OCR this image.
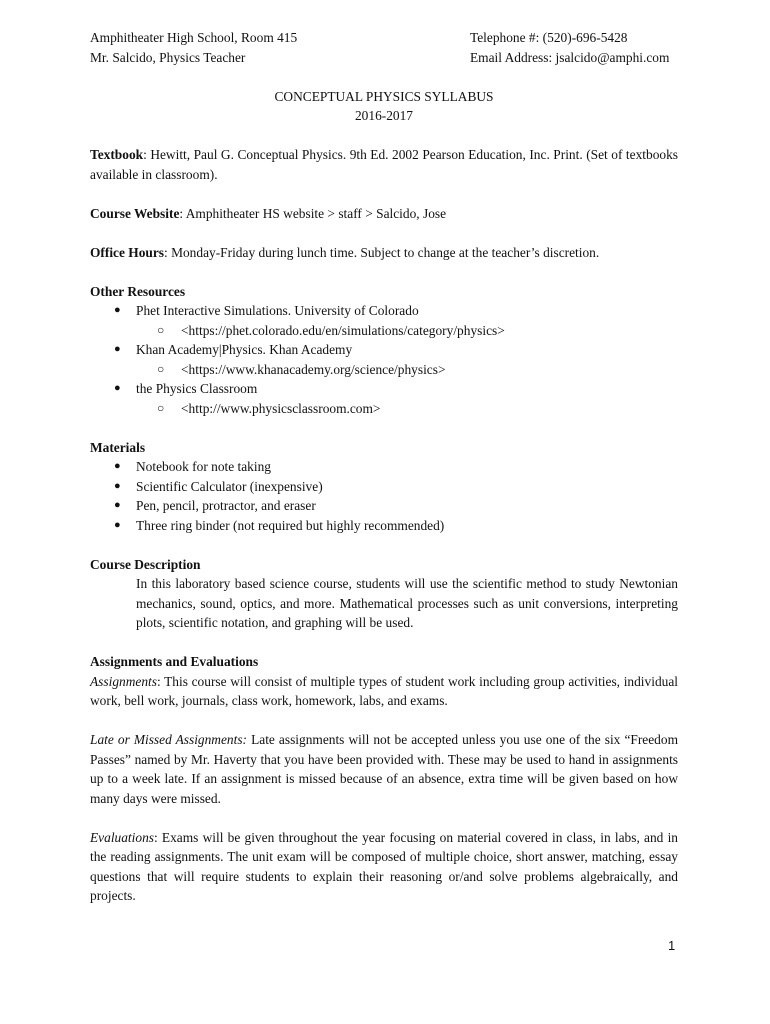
Amphitheater High School, Room 415	Telephone #: (520)-696-5428
Mr. Salcido, Physics Teacher	Email Address: jsalcido@amphi.com
CONCEPTUAL PHYSICS SYLLABUS
2016-2017
Textbook: Hewitt, Paul G. Conceptual Physics. 9th Ed. 2002 Pearson Education, Inc. Print. (Set of textbooks available in classroom).
Course Website: Amphitheater HS website > staff > Salcido, Jose
Office Hours: Monday-Friday during lunch time. Subject to change at the teacher’s discretion.
Other Resources
● Phet Interactive Simulations. University of Colorado
○ <https://phet.colorado.edu/en/simulations/category/physics>
● Khan Academy|Physics. Khan Academy
○ <https://www.khanacademy.org/science/physics>
● the Physics Classroom
○ <http://www.physicsclassroom.com>
Materials
● Notebook for note taking
● Scientific Calculator (inexpensive)
● Pen, pencil, protractor, and eraser
● Three ring binder (not required but highly recommended)
Course Description
In this laboratory based science course, students will use the scientific method to study Newtonian mechanics, sound, optics, and more. Mathematical processes such as unit conversions, interpreting plots, scientific notation, and graphing will be used.
Assignments and Evaluations
Assignments: This course will consist of multiple types of student work including group activities, individual work, bell work, journals, class work, homework, labs, and exams.
Late or Missed Assignments: Late assignments will not be accepted unless you use one of the six “Freedom Passes” named by Mr. Haverty that you have been provided with. These may be used to hand in assignments up to a week late. If an assignment is missed because of an absence, extra time will be given based on how many days were missed.
Evaluations: Exams will be given throughout the year focusing on material covered in class, in labs, and in the reading assignments. The unit exam will be composed of multiple choice, short answer, matching, essay questions that will require students to explain their reasoning or/and solve problems algebraically, and projects.
1
